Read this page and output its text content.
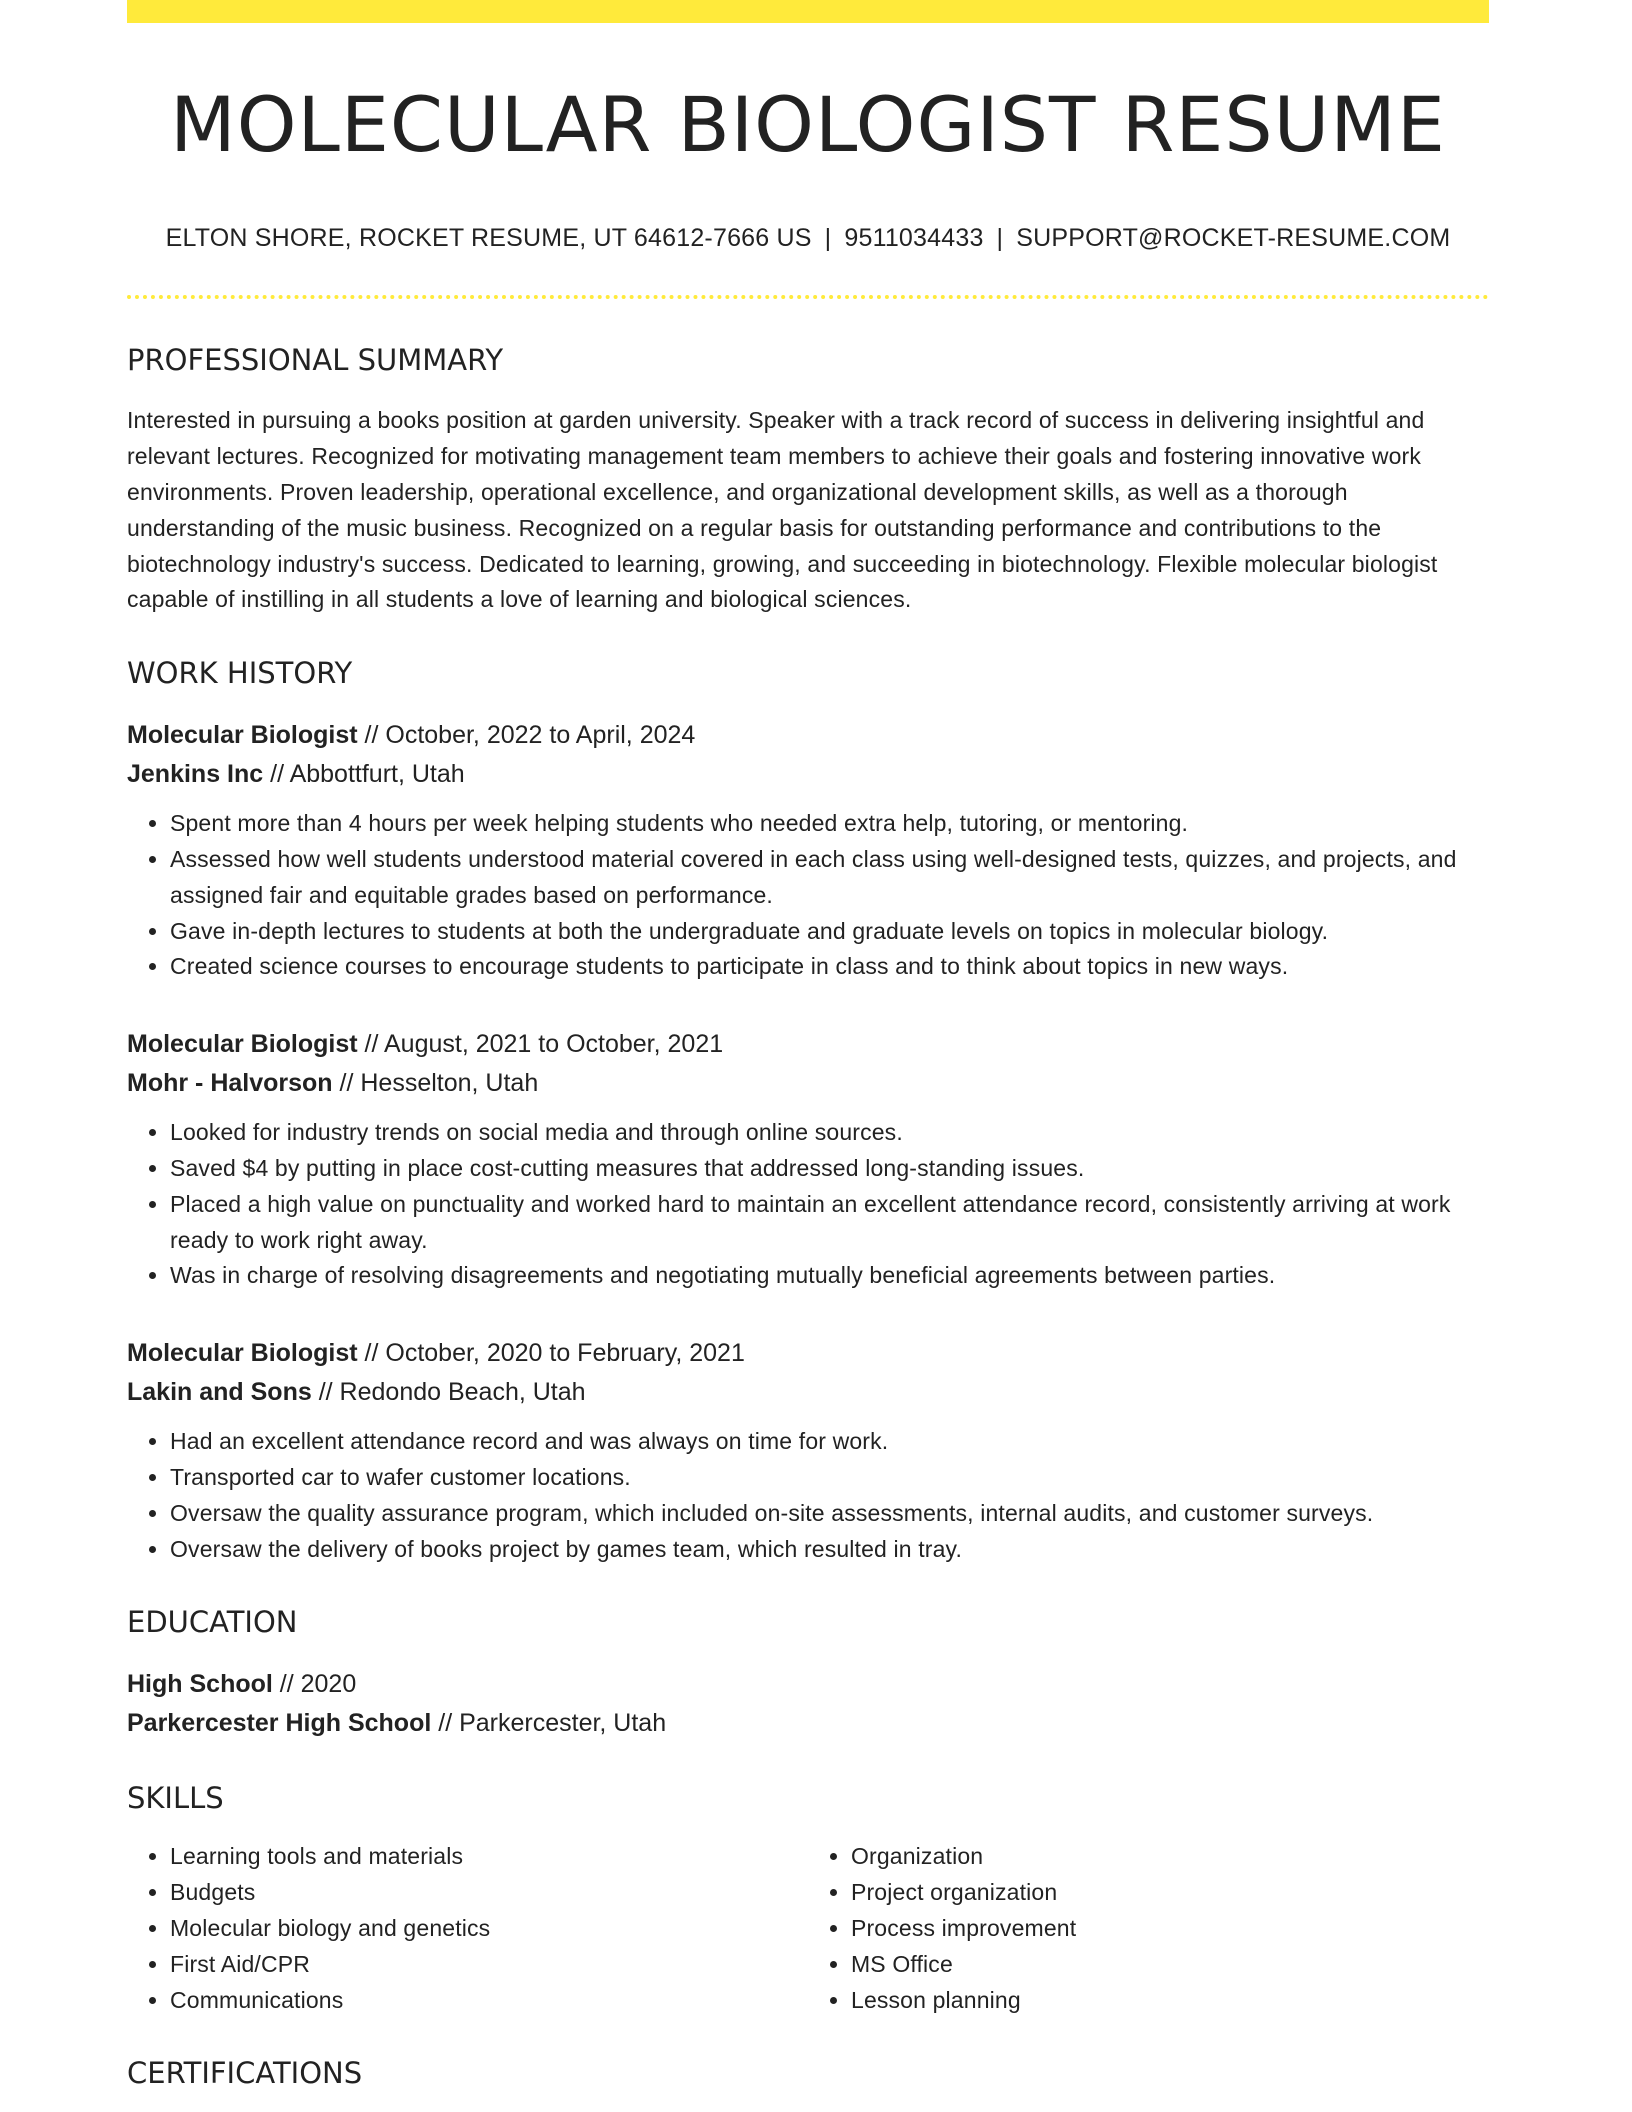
MOLECULAR BIOLOGIST RESUME
ELTON SHORE, ROCKET RESUME, UT 64612-7666 US | 9511034433 | SUPPORT@ROCKET-RESUME.COM
PROFESSIONAL SUMMARY

Interested in pursuing a books position at garden university. Speaker with a track record of success in delivering insightful and relevant lectures. Recognized for motivating management team members to achieve their goals and fostering innovative work environments. Proven leadership, operational excellence, and organizational development skills, as well as a thorough understanding of the music business. Recognized on a regular basis for outstanding performance and contributions to the biotechnology industry's success. Dedicated to learning, growing, and succeeding in biotechnology. Flexible molecular biologist capable of instilling in all students a love of learning and biological sciences.

WORK HISTORY
Molecular Biologist // October, 2022 to April, 2024
Jenkins Inc // Abbottfurt, Utah
• Spent more than 4 hours per week helping students who needed extra help, tutoring, or mentoring.
• Assessed how well students understood material covered in each class using well-designed tests, quizzes, and projects, and assigned fair and equitable grades based on performance.
• Gave in-depth lectures to students at both the undergraduate and graduate levels on topics in molecular biology.
• Created science courses to encourage students to participate in class and to think about topics in new ways.
Molecular Biologist // August, 2021 to October, 2021
Mohr - Halvorson // Hesselton, Utah
• Looked for industry trends on social media and through online sources.
• Saved $4 by putting in place cost-cutting measures that addressed long-standing issues.
• Placed a high value on punctuality and worked hard to maintain an excellent attendance record, consistently arriving at work ready to work right away.
• Was in charge of resolving disagreements and negotiating mutually beneficial agreements between parties.
Molecular Biologist // October, 2020 to February, 2021
Lakin and Sons // Redondo Beach, Utah
• Had an excellent attendance record and was always on time for work.
• Transported car to wafer customer locations.
• Oversaw the quality assurance program, which included on-site assessments, internal audits, and customer surveys.
• Oversaw the delivery of books project by games team, which resulted in tray.
EDUCATION
High School // 2020
Parkercester High School // Parkercester, Utah
SKILLS
• Learning tools and materials
• Budgets
• Molecular biology and genetics
• First Aid/CPR
• Communications
• Organization
• Project organization
• Process improvement
• MS Office
• Lesson planning
CERTIFICATIONS
